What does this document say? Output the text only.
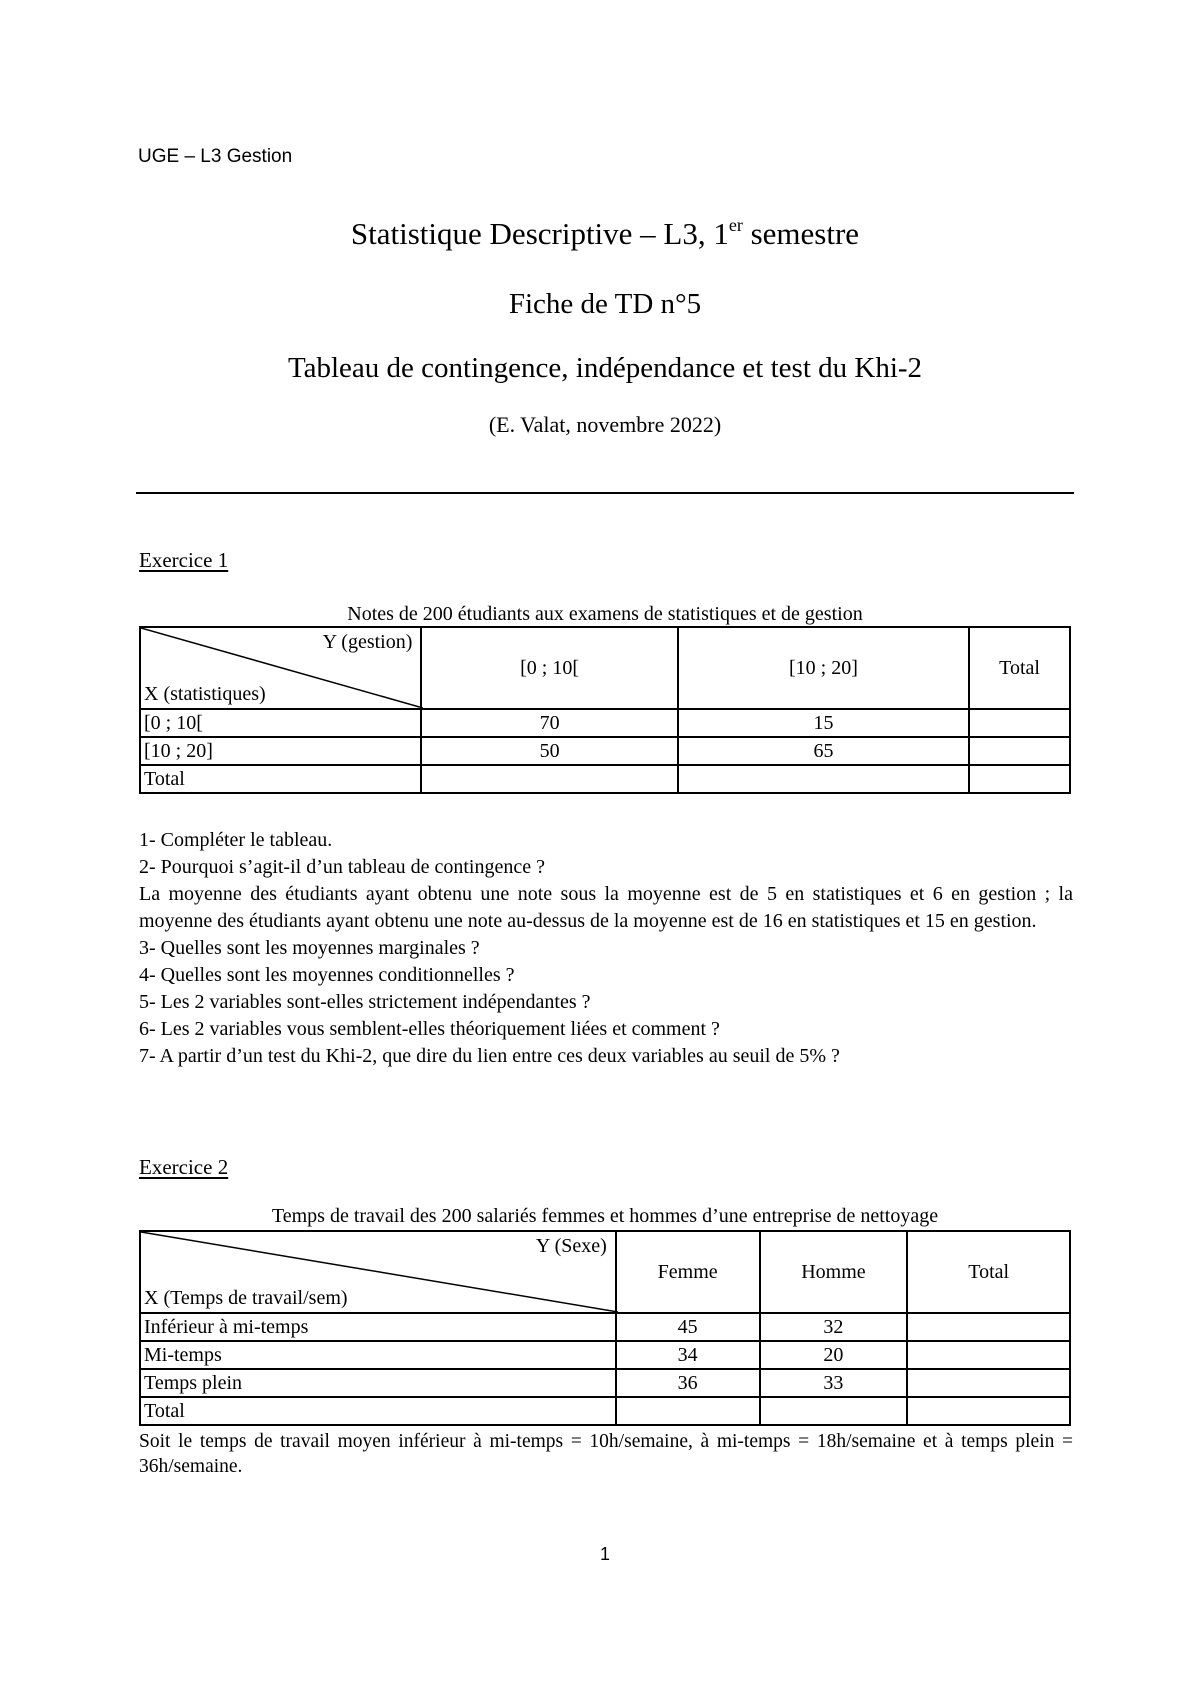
UGE – L3 Gestion
Statistique Descriptive – L3, 1er semestre
Fiche de TD n°5
Tableau de contingence, indépendance et test du Khi-2
(E. Valat, novembre 2022)
Exercice 1
Notes de 200 étudiants aux examens de statistiques et de gestion
Y (gestion)
X (statistiques)	[0 ; 10[	[10 ; 20]	Total
[0 ; 10[	70	15	
[10 ; 20]	50	65	
Total			

1- Compléter le tableau.

2- Pourquoi s’agit-il d’un tableau de contingence ?

La moyenne des étudiants ayant obtenu une note sous la moyenne est de 5 en statistiques et 6 en gestion ; la moyenne des étudiants ayant obtenu une note au-dessus de la moyenne est de 16 en statistiques et 15 en gestion.

3- Quelles sont les moyennes marginales ?

4- Quelles sont les moyennes conditionnelles ?

5- Les 2 variables sont-elles strictement indépendantes ?

6- Les 2 variables vous semblent-elles théoriquement liées et comment ?

7- A partir d’un test du Khi-2, que dire du lien entre ces deux variables au seuil de 5% ?

Exercice 2
Temps de travail des 200 salariés femmes et hommes d’une entreprise de nettoyage
Y (Sexe)
X (Temps de travail/sem)	Femme	Homme	Total
Inférieur à mi-temps	45	32	
Mi-temps	34	20	
Temps plein	36	33	
Total			

Soit le temps de travail moyen inférieur à mi-temps = 10h/semaine, à mi-temps = 18h/semaine et à temps plein = 36h/semaine.

1
